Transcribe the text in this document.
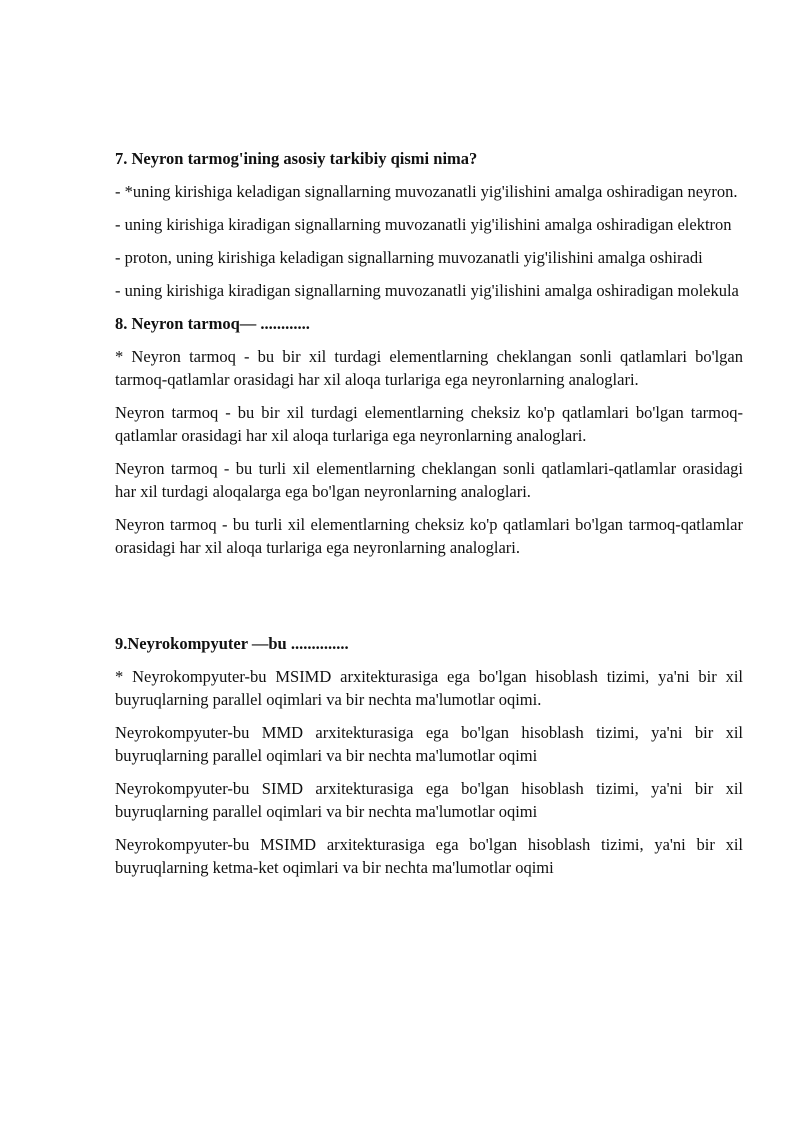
7. Neyron tarmog'ining asosiy tarkibiy qismi nima?

- *uning kirishiga keladigan signallarning muvozanatli yig'ilishini amalga oshiradigan neyron.

- uning kirishiga kiradigan signallarning muvozanatli yig'ilishini amalga oshiradigan elektron

- proton, uning kirishiga keladigan signallarning muvozanatli yig'ilishini amalga oshiradi

- uning kirishiga kiradigan signallarning muvozanatli yig'ilishini amalga oshiradigan molekula

8. Neyron tarmoq— ............

* Neyron tarmoq - bu bir xil turdagi elementlarning cheklangan sonli qatlamlari bo'lgan tarmoq-qatlamlar orasidagi har xil aloqa turlariga ega neyronlarning analoglari.

Neyron tarmoq - bu bir xil turdagi elementlarning cheksiz ko'p qatlamlari bo'lgan tarmoq-qatlamlar orasidagi har xil aloqa turlariga ega neyronlarning analoglari.

Neyron tarmoq - bu turli xil elementlarning cheklangan sonli qatlamlari-qatlamlar orasidagi har xil turdagi aloqalarga ega bo'lgan neyronlarning analoglari.

Neyron tarmoq - bu turli xil elementlarning cheksiz ko'p qatlamlari bo'lgan tarmoq-qatlamlar orasidagi har xil aloqa turlariga ega neyronlarning analoglari.

9.Neyrokompyuter —bu ..............

* Neyrokompyuter-bu MSIMD arxitekturasiga ega bo'lgan hisoblash tizimi, ya'ni bir xil buyruqlarning parallel oqimlari va bir nechta ma'lumotlar oqimi.

Neyrokompyuter-bu MMD arxitekturasiga ega bo'lgan hisoblash tizimi, ya'ni bir xil buyruqlarning parallel oqimlari va bir nechta ma'lumotlar oqimi

Neyrokompyuter-bu SIMD arxitekturasiga ega bo'lgan hisoblash tizimi, ya'ni bir xil buyruqlarning parallel oqimlari va bir nechta ma'lumotlar oqimi

Neyrokompyuter-bu MSIMD arxitekturasiga ega bo'lgan hisoblash tizimi, ya'ni bir xil buyruqlarning ketma-ket oqimlari va bir nechta ma'lumotlar oqimi
